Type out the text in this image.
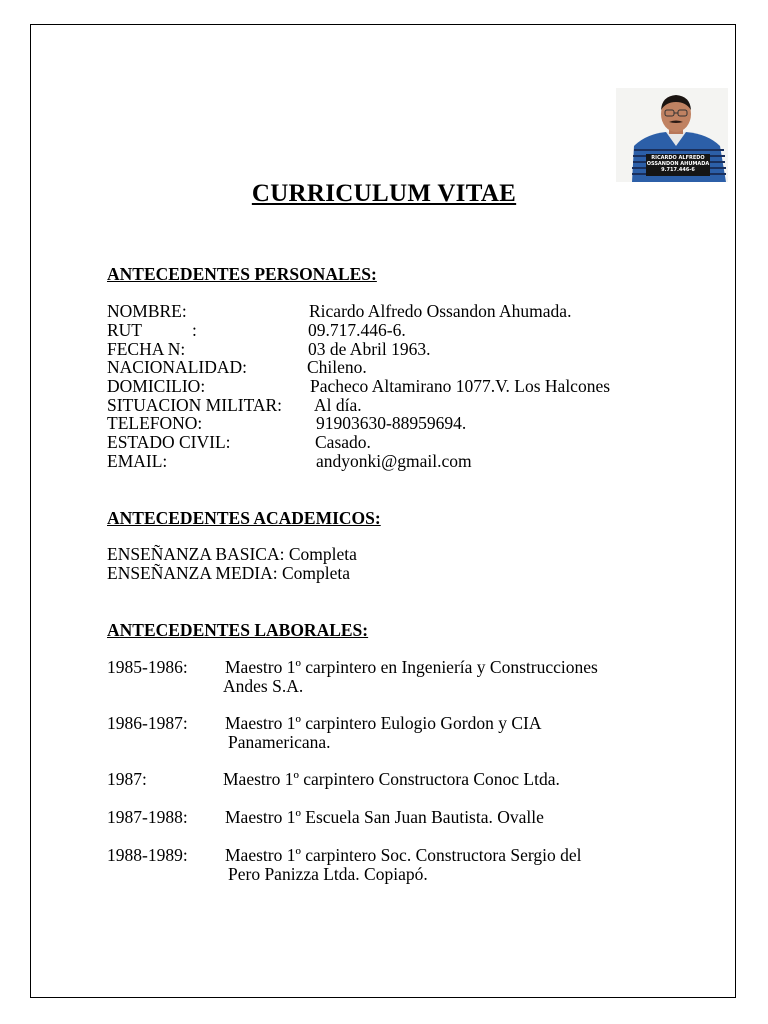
RICARDO ALFREDO
OSSANDON AHUMADA
9.717.446-6
CURRICULUM VITAE
ANTECEDENTES PERSONALES:
NOMBRE:	Ricardo Alfredo Ossandon Ahumada.
RUT	:	09.717.446-6.
FECHA N:	03 de Abril 1963.
NACIONALIDAD:	Chileno.
DOMICILIO:	Pacheco Altamirano 1077.V. Los Halcones
SITUACION MILITAR: Al día.
TELEFONO:	91903630-88959694.
ESTADO CIVIL:	Casado.
EMAIL:	andyonki@gmail.com
ANTECEDENTES ACADEMICOS:
ENSEÑANZA BASICA: Completa
ENSEÑANZA MEDIA: Completa
ANTECEDENTES LABORALES:
1985-1986: Maestro 1º carpintero en Ingeniería y Construcciones
Andes S.A.
1986-1987: Maestro 1º carpintero Eulogio Gordon y CIA
Panamericana.
1987:	Maestro 1º carpintero Constructora Conoc Ltda.
1987-1988: Maestro 1º Escuela San Juan Bautista. Ovalle
1988-1989: Maestro 1º carpintero Soc. Constructora Sergio del
Pero Panizza Ltda. Copiapó.
